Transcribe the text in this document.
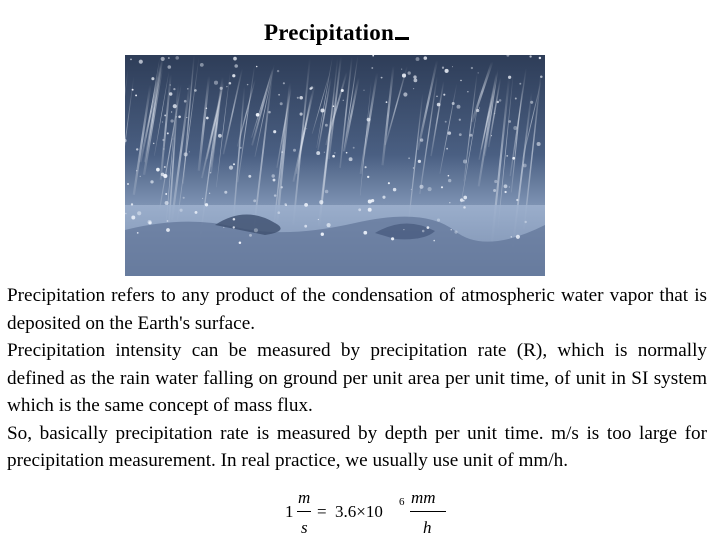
Precipitation

Precipitation refers to any product of the condensation of atmospheric water vapor that is deposited on the Earth's surface.

Precipitation intensity can be measured by precipitation rate (R), which is normally defined as the rain water falling on ground per unit area per unit time, of unit in SI system which is the same concept of mass flux.

So, basically precipitation rate is measured by depth per unit time. m/s is too large for precipitation measurement. In real practice, we usually use unit of mm/h.

1
m
s
= 3.6×10 6 mm
h
